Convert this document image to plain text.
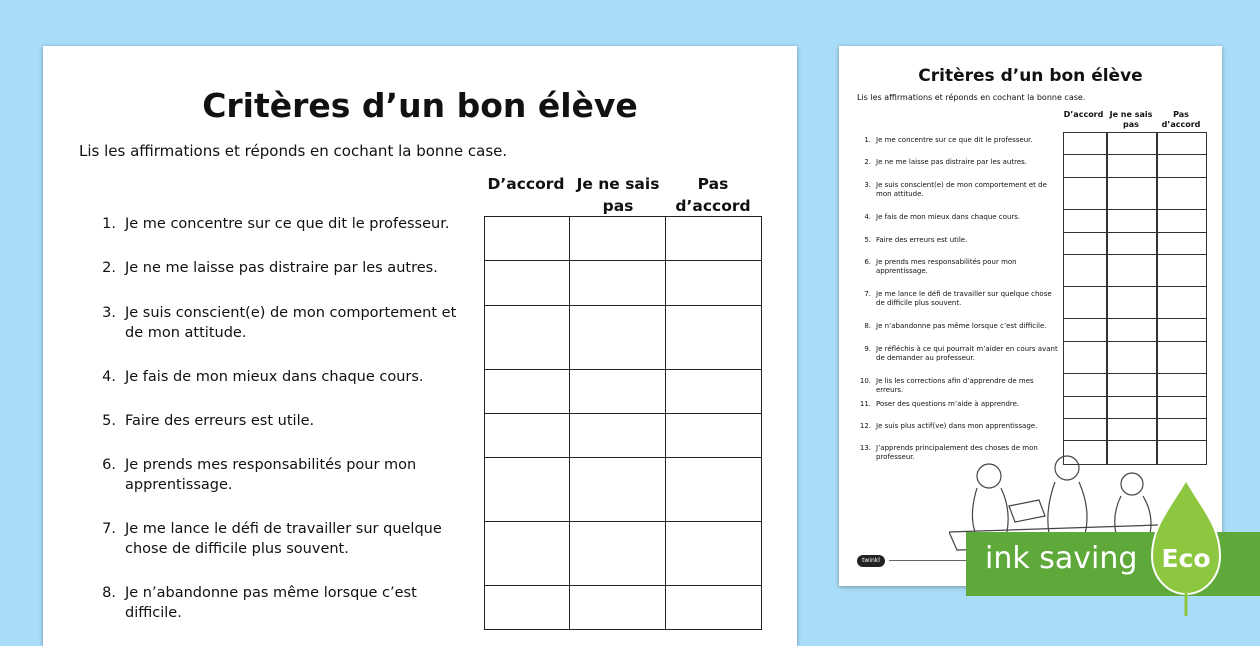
Critères d’un bon élève
Lis les affirmations et réponds en cochant la bonne case.
D’accord Je ne sais pas
Pas d’accord
1. Je me concentre sur ce que dit le professeur.
2. Je ne me laisse pas distraire par les autres.
3. Je suis conscient(e) de mon comportement et de mon attitude.
4. Je fais de mon mieux dans chaque cours.
5. Faire des erreurs est utile.
6. Je prends mes responsabilités pour mon apprentissage.
7. Je me lance le défi de travailler sur quelque chose de difficile plus souvent.
8. Je n’abandonne pas même lorsque c’est difficile.
Critères d’un bon élève
Lis les affirmations et réponds en cochant la bonne case.
D’accord Je ne sais pas
Pas d’accord
1. Je me concentre sur ce que dit le professeur.
2. Je ne me laisse pas distraire par les autres.
3. Je suis conscient(e) de mon comportement et de mon attitude.
4. Je fais de mon mieux dans chaque cours.
5. Faire des erreurs est utile.
6. Je prends mes responsabilités pour mon apprentissage.
7. Je me lance le défi de travailler sur quelque chose de difficile plus souvent.
8. Je n’abandonne pas même lorsque c’est difficile.
9. Je réfléchis à ce qui pourrait m’aider en cours avant de demander au professeur.
10. Je lis les corrections afin d’apprendre de mes erreurs.
11. Poser des questions m’aide à apprendre.
12. Je suis plus actif(ve) dans mon apprentissage.
13. J’apprends principalement des choses de mon professeur.
twinkl	ink saving Eco
